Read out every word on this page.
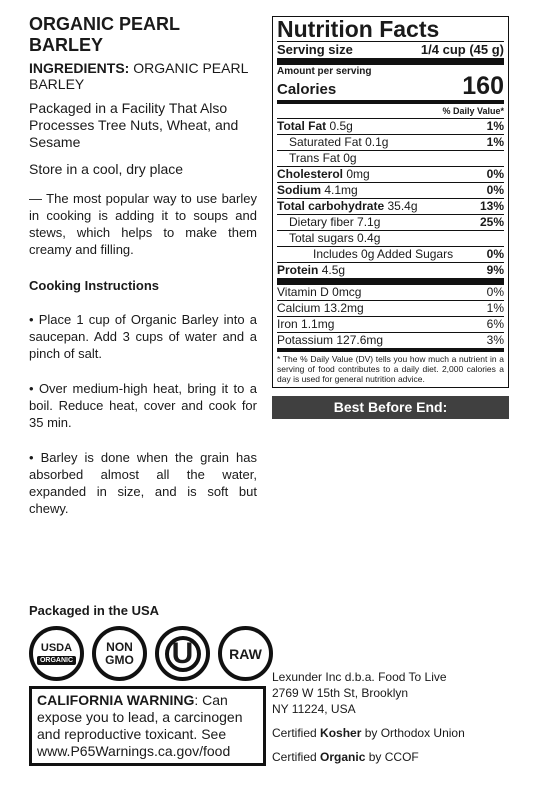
ORGANIC PEARL BARLEY
INGREDIENTS: ORGANIC PEARL BARLEY
Packaged in a Facility That Also Processes Tree Nuts, Wheat, and Sesame
Store in a cool, dry place
— The most popular way to use barley in cooking is adding it to soups and stews, which helps to make them creamy and filling.
Cooking Instructions
• Place 1 cup of Organic Barley into a saucepan. Add 3 cups of water and a pinch of salt.
• Over medium-high heat, bring it to a boil. Reduce heat, cover and cook for 35 min.
• Barley is done when the grain has absorbed almost all the water, expanded in size, and is soft but chewy.
Nutrition Facts
Serving size	1/4 cup (45 g)
Amount per serving
Calories	160
% Daily Value*
Total Fat 0.5g	1%
Saturated Fat 0.1g	1%
Trans Fat 0g
Cholesterol 0mg	0%
Sodium 4.1mg	0%
Total carbohydrate 35.4g	13%
Dietary fiber 7.1g	25%
Total sugars 0.4g
Includes 0g Added Sugars	0%
Protein 4.5g	9%
Vitamin D 0mcg	0%
Calcium 13.2mg	1%
Iron 1.1mg	6%
Potassium 127.6mg	3%
* The % Daily Value (DV) tells you how much a nutrient in a serving of food contributes to a daily diet. 2,000 calories a day is used for general nutrition advice.
Best Before End:
Packaged in the USA
USDA
ORGANIC
NON
GMO U	RAW
CALIFORNIA WARNING: Can expose you to lead, a carcinogen and reproductive toxicant. See www.P65Warnings.ca.gov/food

Lexunder Inc d.b.a. Food To Live

2769 W 15th St, Brooklyn

NY 11224, USA

Certified Kosher by Orthodox Union

Certified Organic by CCOF
